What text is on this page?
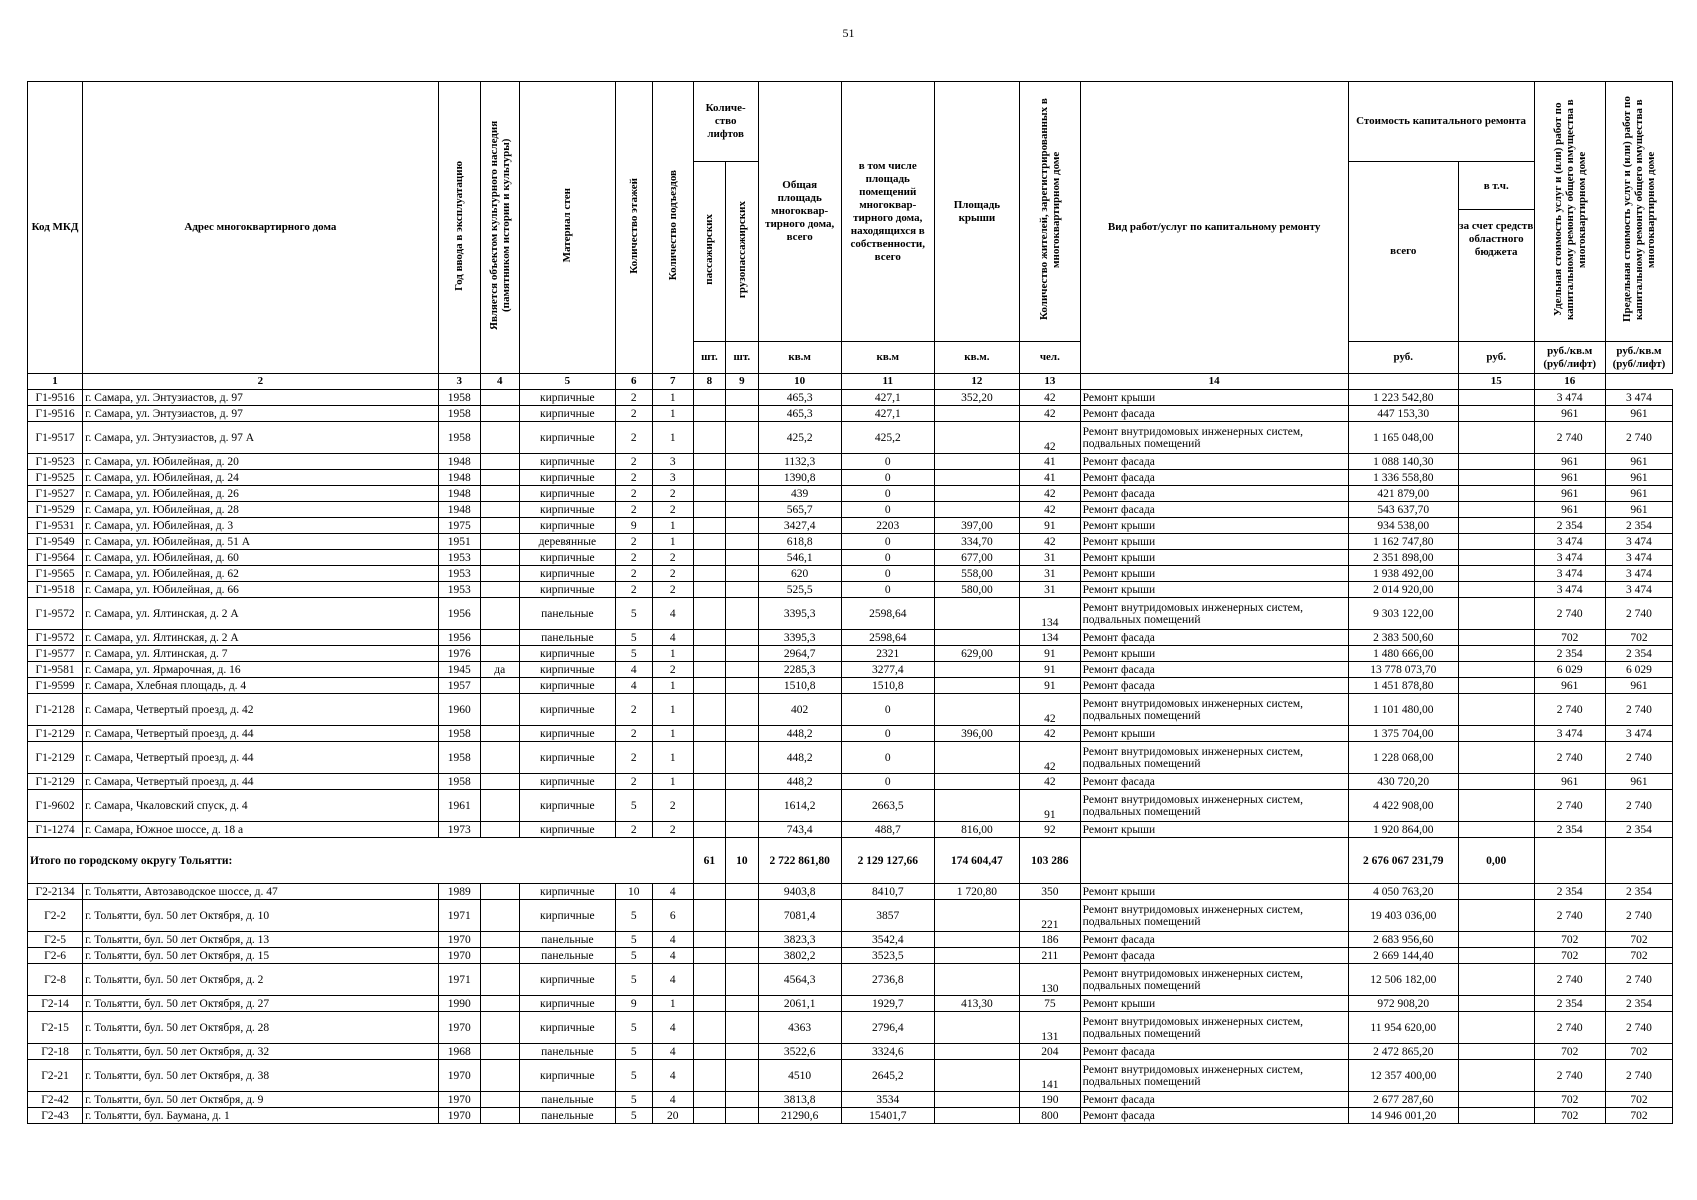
51
Код МКД	Адрес многоквартирного дома	Год ввода в эксплуатацию	Является объектом культурного наследия (памятником истории и культуры)	Материал стен	Количество этажей	Количество подъездов	Количе-ство лифтов		Общая площадь многоквар-тирного дома, всего	в том числе площадь помещений многоквар-тирного дома, находящихся в собственности, всего	Площадь крыши	Количество жителей, зарегистрированных в многоквартирном доме	Вид работ/услуг по капитальному ремонту	Стоимость капитального ремонта		Удельная стоимость услуг и (или) работ по капитальному ремонту общего имущества в многоквартирном доме	Предельная стоимость услуг и (или) работ по капитальному ремонту общего имущества в многоквартирном доме
							пассажирских	грузопассажирских						всего	в т.ч.
за счет средств областного бюджета		

							шт.	шт.	кв.м	кв.м	кв.м.	чел.		руб.	руб.	руб./кв.м (руб/лифт)	руб./кв.м (руб/лифт)
1	2	3	4	5	6	7	8	9	10	11	12	13	14		15	16	
Г1-9516	г. Самара, ул. Энтузиастов, д. 97	1958		кирпичные	2	1			465,3	427,1	352,20	42	Ремонт крыши	1 223 542,80		3 474	3 474
Г1-9516	г. Самара, ул. Энтузиастов, д. 97	1958		кирпичные	2	1			465,3	427,1		42	Ремонт фасада	447 153,30		961	961
Г1-9517	г. Самара, ул. Энтузиастов, д. 97 А	1958		кирпичные	2	1			425,2	425,2		42	Ремонт внутридомовых инженерных систем, подвальных помещений	1 165 048,00		2 740	2 740
Г1-9523	г. Самара, ул. Юбилейная, д. 20	1948		кирпичные	2	3			1132,3	0		41	Ремонт фасада	1 088 140,30		961	961
Г1-9525	г. Самара, ул. Юбилейная, д. 24	1948		кирпичные	2	3			1390,8	0		41	Ремонт фасада	1 336 558,80		961	961
Г1-9527	г. Самара, ул. Юбилейная, д. 26	1948		кирпичные	2	2			439	0		42	Ремонт фасада	421 879,00		961	961
Г1-9529	г. Самара, ул. Юбилейная, д. 28	1948		кирпичные	2	2			565,7	0		42	Ремонт фасада	543 637,70		961	961
Г1-9531	г. Самара, ул. Юбилейная, д. 3	1975		кирпичные	9	1			3427,4	2203	397,00	91	Ремонт крыши	934 538,00		2 354	2 354
Г1-9549	г. Самара, ул. Юбилейная, д. 51 А	1951		деревянные	2	1			618,8	0	334,70	42	Ремонт крыши	1 162 747,80		3 474	3 474
Г1-9564	г. Самара, ул. Юбилейная, д. 60	1953		кирпичные	2	2			546,1	0	677,00	31	Ремонт крыши	2 351 898,00		3 474	3 474
Г1-9565	г. Самара, ул. Юбилейная, д. 62	1953		кирпичные	2	2			620	0	558,00	31	Ремонт крыши	1 938 492,00		3 474	3 474
Г1-9518	г. Самара, ул. Юбилейная, д. 66	1953		кирпичные	2	2			525,5	0	580,00	31	Ремонт крыши	2 014 920,00		3 474	3 474
Г1-9572	г. Самара, ул. Ялтинская, д. 2 А	1956		панельные	5	4			3395,3	2598,64		134	Ремонт внутридомовых инженерных систем, подвальных помещений	9 303 122,00		2 740	2 740
Г1-9572	г. Самара, ул. Ялтинская, д. 2 А	1956		панельные	5	4			3395,3	2598,64		134	Ремонт фасада	2 383 500,60		702	702
Г1-9577	г. Самара, ул. Ялтинская, д. 7	1976		кирпичные	5	1			2964,7	2321	629,00	91	Ремонт крыши	1 480 666,00		2 354	2 354
Г1-9581	г. Самара, ул. Ярмарочная, д. 16	1945	да	кирпичные	4	2			2285,3	3277,4		91	Ремонт фасада	13 778 073,70		6 029	6 029
Г1-9599	г. Самара, Хлебная площадь, д. 4	1957		кирпичные	4	1			1510,8	1510,8		91	Ремонт фасада	1 451 878,80		961	961
Г1-2128	г. Самара, Четвертый проезд, д. 42	1960		кирпичные	2	1			402	0		42	Ремонт внутридомовых инженерных систем, подвальных помещений	1 101 480,00		2 740	2 740
Г1-2129	г. Самара, Четвертый проезд, д. 44	1958		кирпичные	2	1			448,2	0	396,00	42	Ремонт крыши	1 375 704,00		3 474	3 474
Г1-2129	г. Самара, Четвертый проезд, д. 44	1958		кирпичные	2	1			448,2	0		42	Ремонт внутридомовых инженерных систем, подвальных помещений	1 228 068,00		2 740	2 740
Г1-2129	г. Самара, Четвертый проезд, д. 44	1958		кирпичные	2	1			448,2	0		42	Ремонт фасада	430 720,20		961	961
Г1-9602	г. Самара, Чкаловский спуск, д. 4	1961		кирпичные	5	2			1614,2	2663,5		91	Ремонт внутридомовых инженерных систем, подвальных помещений	4 422 908,00		2 740	2 740
Г1-1274	г. Самара, Южное шоссе, д. 18 а	1973		кирпичные	2	2			743,4	488,7	816,00	92	Ремонт крыши	1 920 864,00		2 354	2 354
Итого по городскому округу Тольятти:							61	10	2 722 861,80	2 129 127,66	174 604,47	103 286		2 676 067 231,79	0,00		
Г2-2134	г. Тольятти, Автозаводское шоссе, д. 47	1989		кирпичные	10	4			9403,8	8410,7	1 720,80	350	Ремонт крыши	4 050 763,20		2 354	2 354
Г2-2	г. Тольятти, бул. 50 лет Октября, д. 10	1971		кирпичные	5	6			7081,4	3857		221	Ремонт внутридомовых инженерных систем, подвальных помещений	19 403 036,00		2 740	2 740
Г2-5	г. Тольятти, бул. 50 лет Октября, д. 13	1970		панельные	5	4			3823,3	3542,4		186	Ремонт фасада	2 683 956,60		702	702
Г2-6	г. Тольятти, бул. 50 лет Октября, д. 15	1970		панельные	5	4			3802,2	3523,5		211	Ремонт фасада	2 669 144,40		702	702
Г2-8	г. Тольятти, бул. 50 лет Октября, д. 2	1971		кирпичные	5	4			4564,3	2736,8		130	Ремонт внутридомовых инженерных систем, подвальных помещений	12 506 182,00		2 740	2 740
Г2-14	г. Тольятти, бул. 50 лет Октября, д. 27	1990		кирпичные	9	1			2061,1	1929,7	413,30	75	Ремонт крыши	972 908,20		2 354	2 354
Г2-15	г. Тольятти, бул. 50 лет Октября, д. 28	1970		кирпичные	5	4			4363	2796,4		131	Ремонт внутридомовых инженерных систем, подвальных помещений	11 954 620,00		2 740	2 740
Г2-18	г. Тольятти, бул. 50 лет Октября, д. 32	1968		панельные	5	4			3522,6	3324,6		204	Ремонт фасада	2 472 865,20		702	702
Г2-21	г. Тольятти, бул. 50 лет Октября, д. 38	1970		кирпичные	5	4			4510	2645,2		141	Ремонт внутридомовых инженерных систем, подвальных помещений	12 357 400,00		2 740	2 740
Г2-42	г. Тольятти, бул. 50 лет Октября, д. 9	1970		панельные	5	4			3813,8	3534		190	Ремонт фасада	2 677 287,60		702	702
Г2-43	г. Тольятти, бул. Баумана, д. 1	1970		панельные	5	20			21290,6	15401,7		800	Ремонт фасада	14 946 001,20		702	702
